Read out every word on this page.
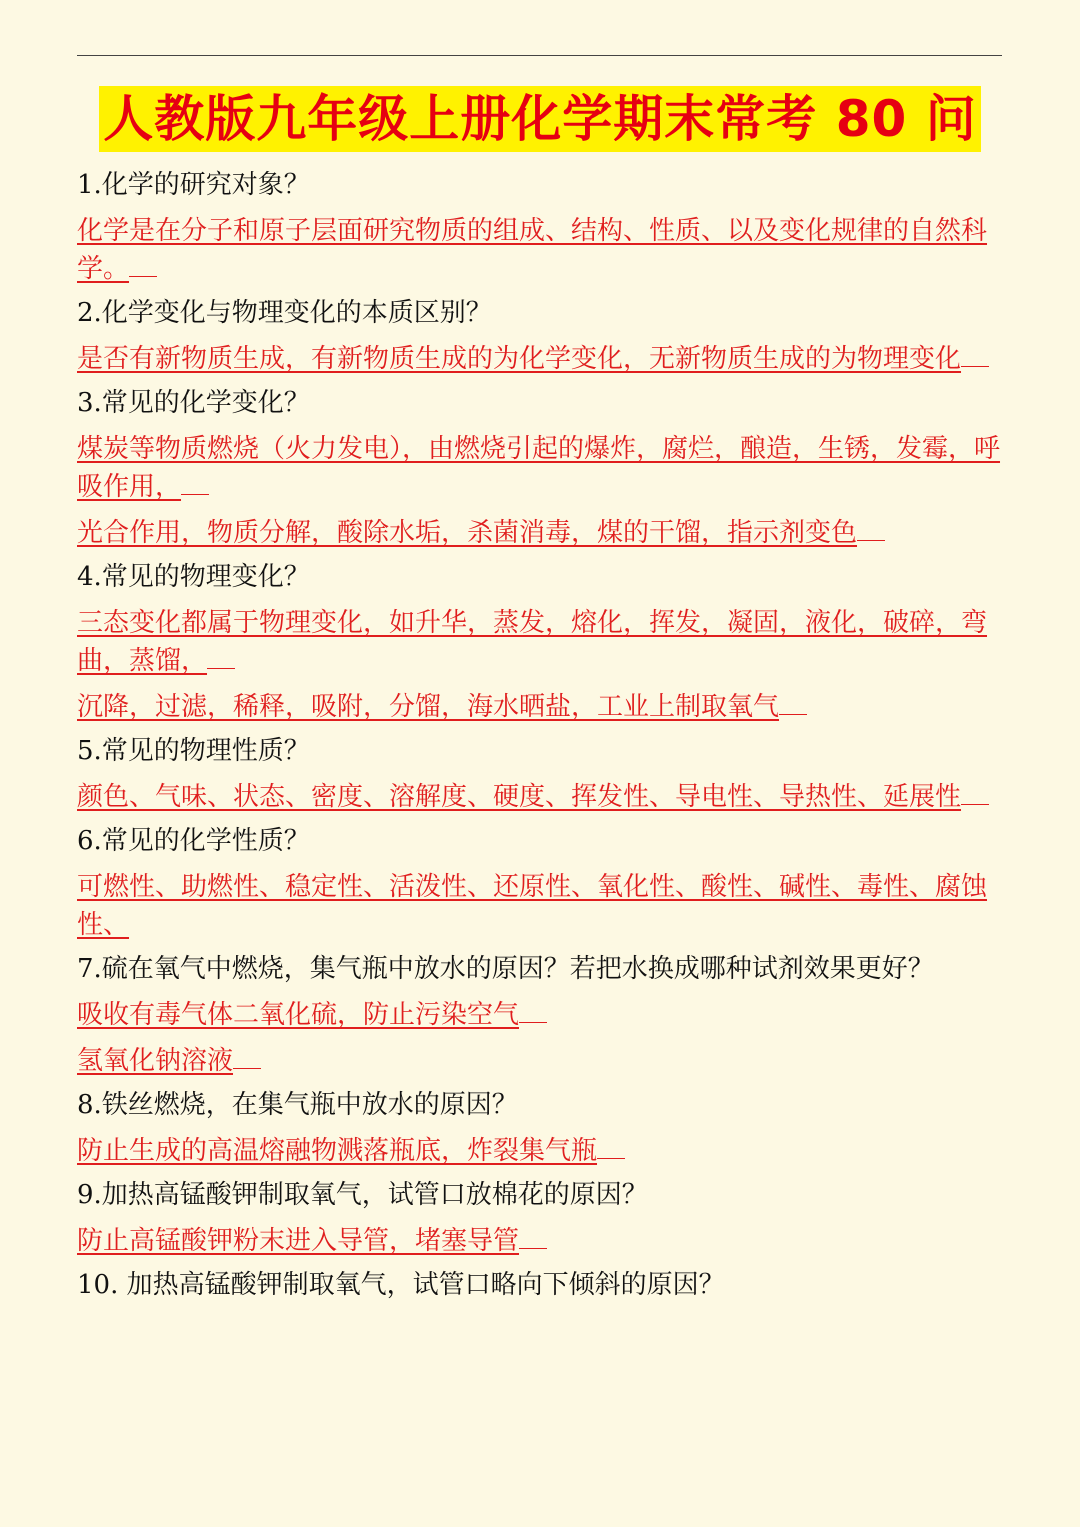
人教版九年级上册化学期末常考 80 问
1.化学的研究对象？
化学是在分子和原子层面研究物质的组成、结构、性质、以及变化规律的自然科学。
2.化学变化与物理变化的本质区别？
是否有新物质生成，有新物质生成的为化学变化，无新物质生成的为物理变化
3.常见的化学变化？
煤炭等物质燃烧（火力发电），由燃烧引起的爆炸，腐烂，酿造，生锈，发霉，呼吸作用，
光合作用，物质分解，酸除水垢，杀菌消毒，煤的干馏，指示剂变色
4.常见的物理变化？
三态变化都属于物理变化，如升华，蒸发，熔化，挥发，凝固，液化，破碎，弯曲，蒸馏，
沉降，过滤，稀释，吸附，分馏，海水晒盐，工业上制取氧气
5.常见的物理性质？
颜色、气味、状态、密度、溶解度、硬度、挥发性、导电性、导热性、延展性
6.常见的化学性质？
可燃性、助燃性、稳定性、活泼性、还原性、氧化性、酸性、碱性、毒性、腐蚀性、
7.硫在氧气中燃烧，集气瓶中放水的原因？若把水换成哪种试剂效果更好？
吸收有毒气体二氧化硫，防止污染空气
氢氧化钠溶液
8.铁丝燃烧，在集气瓶中放水的原因？
防止生成的高温熔融物溅落瓶底，炸裂集气瓶
9.加热高锰酸钾制取氧气，试管口放棉花的原因？
防止高锰酸钾粉末进入导管，堵塞导管
10. 加热高锰酸钾制取氧气，试管口略向下倾斜的原因？
